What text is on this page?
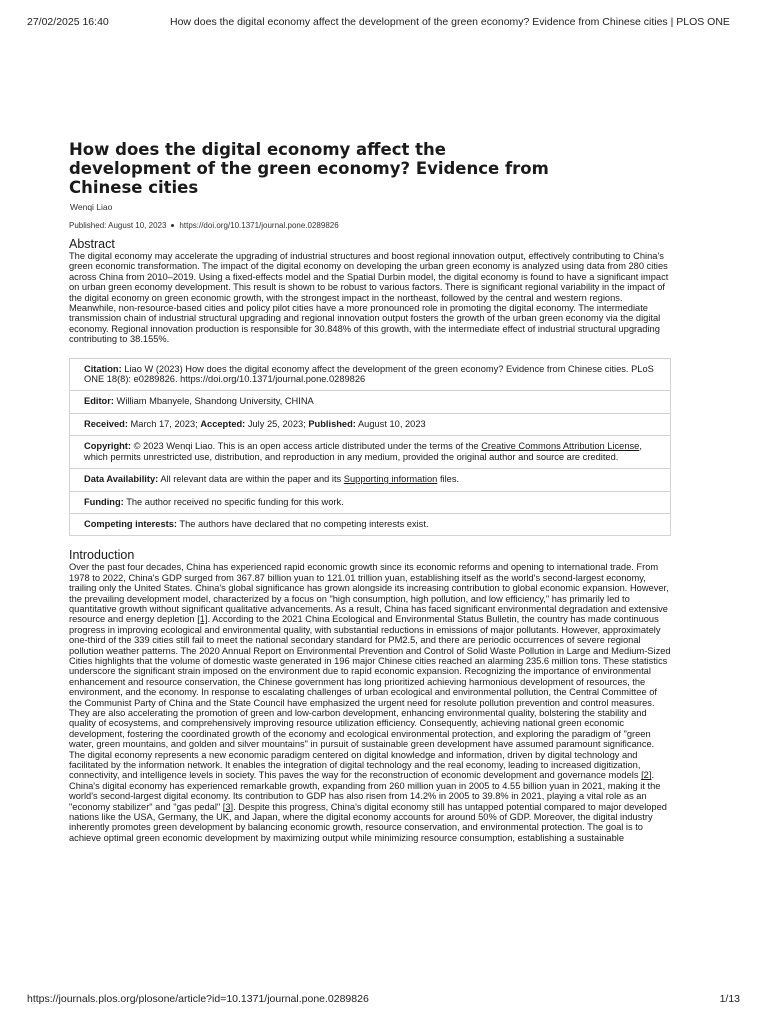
27/02/2025 16:40	How does the digital economy affect the development of the green economy? Evidence from Chinese cities | PLOS ONE
How does the digital economy affect the development of the green economy? Evidence from Chinese cities
Wenqi Liao
Published: August 10, 2023 https://doi.org/10.1371/journal.pone.0289826
Abstract

The digital economy may accelerate the upgrading of industrial structures and boost regional innovation output, effectively contributing to China's green economic transformation. The impact of the digital economy on developing the urban green economy is analyzed using data from 280 cities across China from 2010–2019. Using a fixed-effects model and the Spatial Durbin model, the digital economy is found to have a significant impact on urban green economy development. This result is shown to be robust to various factors. There is significant regional variability in the impact of the digital economy on green economic growth, with the strongest impact in the northeast, followed by the central and western regions. Meanwhile, non-resource-based cities and policy pilot cities have a more pronounced role in promoting the digital economy. The intermediate transmission chain of industrial structural upgrading and regional innovation output fosters the growth of the urban green economy via the digital economy. Regional innovation production is responsible for 30.848% of this growth, with the intermediate effect of industrial structural upgrading contributing to 38.155%.

Citation: Liao W (2023) How does the digital economy affect the development of the green economy? Evidence from Chinese cities. PLoS ONE 18(8): e0289826. https://doi.org/10.1371/journal.pone.0289826
Editor: William Mbanyele, Shandong University, CHINA
Received: March 17, 2023; Accepted: July 25, 2023; Published: August 10, 2023
Copyright: © 2023 Wenqi Liao. This is an open access article distributed under the terms of the Creative Commons Attribution License, which permits unrestricted use, distribution, and reproduction in any medium, provided the original author and source are credited.
Data Availability: All relevant data are within the paper and its Supporting information files.
Funding: The author received no specific funding for this work.
Competing interests: The authors have declared that no competing interests exist.
Introduction

Over the past four decades, China has experienced rapid economic growth since its economic reforms and opening to international trade. From 1978 to 2022, China's GDP surged from 367.87 billion yuan to 121.01 trillion yuan, establishing itself as the world's second-largest economy, trailing only the United States. China's global significance has grown alongside its increasing contribution to global economic expansion. However, the prevailing development model, characterized by a focus on "high consumption, high pollution, and low efficiency," has primarily led to quantitative growth without significant qualitative advancements. As a result, China has faced significant environmental degradation and extensive resource and energy depletion [1]. According to the 2021 China Ecological and Environmental Status Bulletin, the country has made continuous progress in improving ecological and environmental quality, with substantial reductions in emissions of major pollutants. However, approximately one-third of the 339 cities still fail to meet the national secondary standard for PM2.5, and there are periodic occurrences of severe regional pollution weather patterns. The 2020 Annual Report on Environmental Prevention and Control of Solid Waste Pollution in Large and Medium-Sized Cities highlights that the volume of domestic waste generated in 196 major Chinese cities reached an alarming 235.6 million tons. These statistics underscore the significant strain imposed on the environment due to rapid economic expansion. Recognizing the importance of environmental enhancement and resource conservation, the Chinese government has long prioritized achieving harmonious development of resources, the environment, and the economy. In response to escalating challenges of urban ecological and environmental pollution, the Central Committee of the Communist Party of China and the State Council have emphasized the urgent need for resolute pollution prevention and control measures. They are also accelerating the promotion of green and low-carbon development, enhancing environmental quality, bolstering the stability and quality of ecosystems, and comprehensively improving resource utilization efficiency. Consequently, achieving national green economic development, fostering the coordinated growth of the economy and ecological environmental protection, and exploring the paradigm of "green water, green mountains, and golden and silver mountains" in pursuit of sustainable green development have assumed paramount significance.

The digital economy represents a new economic paradigm centered on digital knowledge and information, driven by digital technology and facilitated by the information network. It enables the integration of digital technology and the real economy, leading to increased digitization, connectivity, and intelligence levels in society. This paves the way for the reconstruction of economic development and governance models [2]. China's digital economy has experienced remarkable growth, expanding from 260 million yuan in 2005 to 4.55 billion yuan in 2021, making it the world's second-largest digital economy. Its contribution to GDP has also risen from 14.2% in 2005 to 39.8% in 2021, playing a vital role as an "economy stabilizer" and "gas pedal" [3]. Despite this progress, China's digital economy still has untapped potential compared to major developed nations like the USA, Germany, the UK, and Japan, where the digital economy accounts for around 50% of GDP. Moreover, the digital industry inherently promotes green development by balancing economic growth, resource conservation, and environmental protection. The goal is to achieve optimal green economic development by maximizing output while minimizing resource consumption, establishing a sustainable

https://journals.plos.org/plosone/article?id=10.1371/journal.pone.0289826	1/13
